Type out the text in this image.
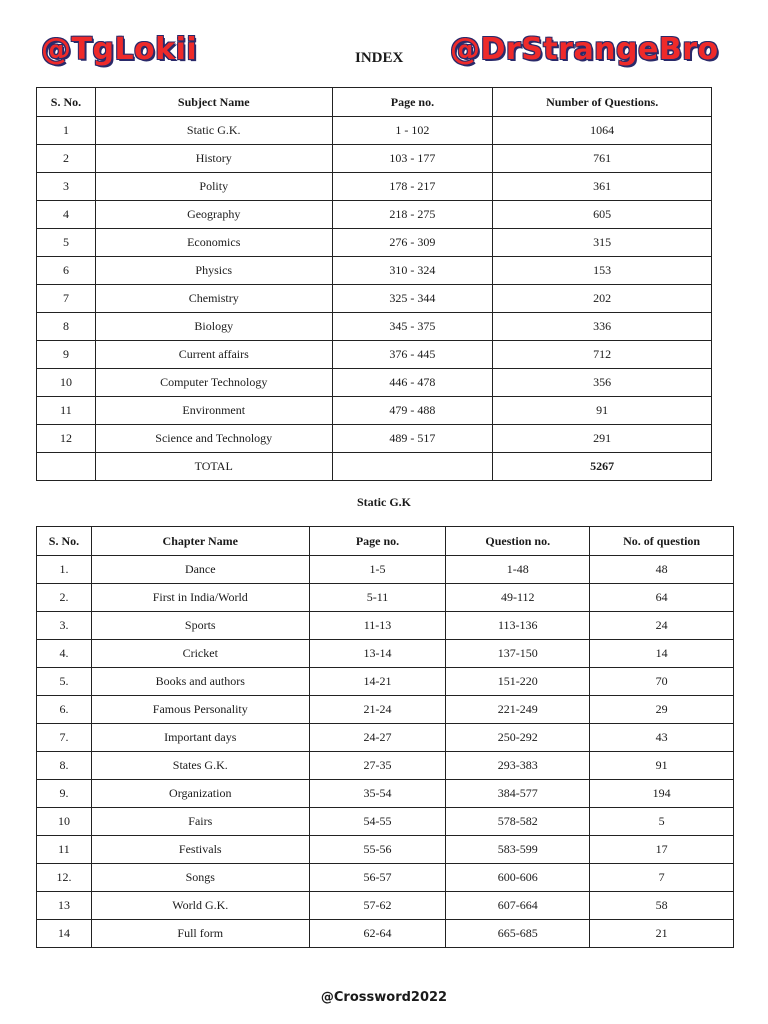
@TgLokii	INDEX @DrStrangeBro
S. No.	Subject Name	Page no.	Number of Questions.
1	Static G.K.	1 - 102	1064
2	History	103 - 177	761
3	Polity	178 - 217	361
4	Geography	218 - 275	605
5	Economics	276 - 309	315
6	Physics	310 - 324	153
7	Chemistry	325 - 344	202
8	Biology	345 - 375	336
9	Current affairs	376 - 445	712
10	Computer Technology	446 - 478	356
11	Environment	479 - 488	91
12	Science and Technology	489 - 517	291
	TOTAL		5267
Static G.K
S. No.	Chapter Name	Page no.	Question no.	No. of question
1.	Dance	1-5	1-48	48
2.	First in India/World	5-11	49-112	64
3.	Sports	11-13	113-136	24
4.	Cricket	13-14	137-150	14
5.	Books and authors	14-21	151-220	70
6.	Famous Personality	21-24	221-249	29
7.	Important days	24-27	250-292	43
8.	States G.K.	27-35	293-383	91
9.	Organization	35-54	384-577	194
10	Fairs	54-55	578-582	5
11	Festivals	55-56	583-599	17
12.	Songs	56-57	600-606	7
13	World G.K.	57-62	607-664	58
14	Full form	62-64	665-685	21
@Crossword2022
